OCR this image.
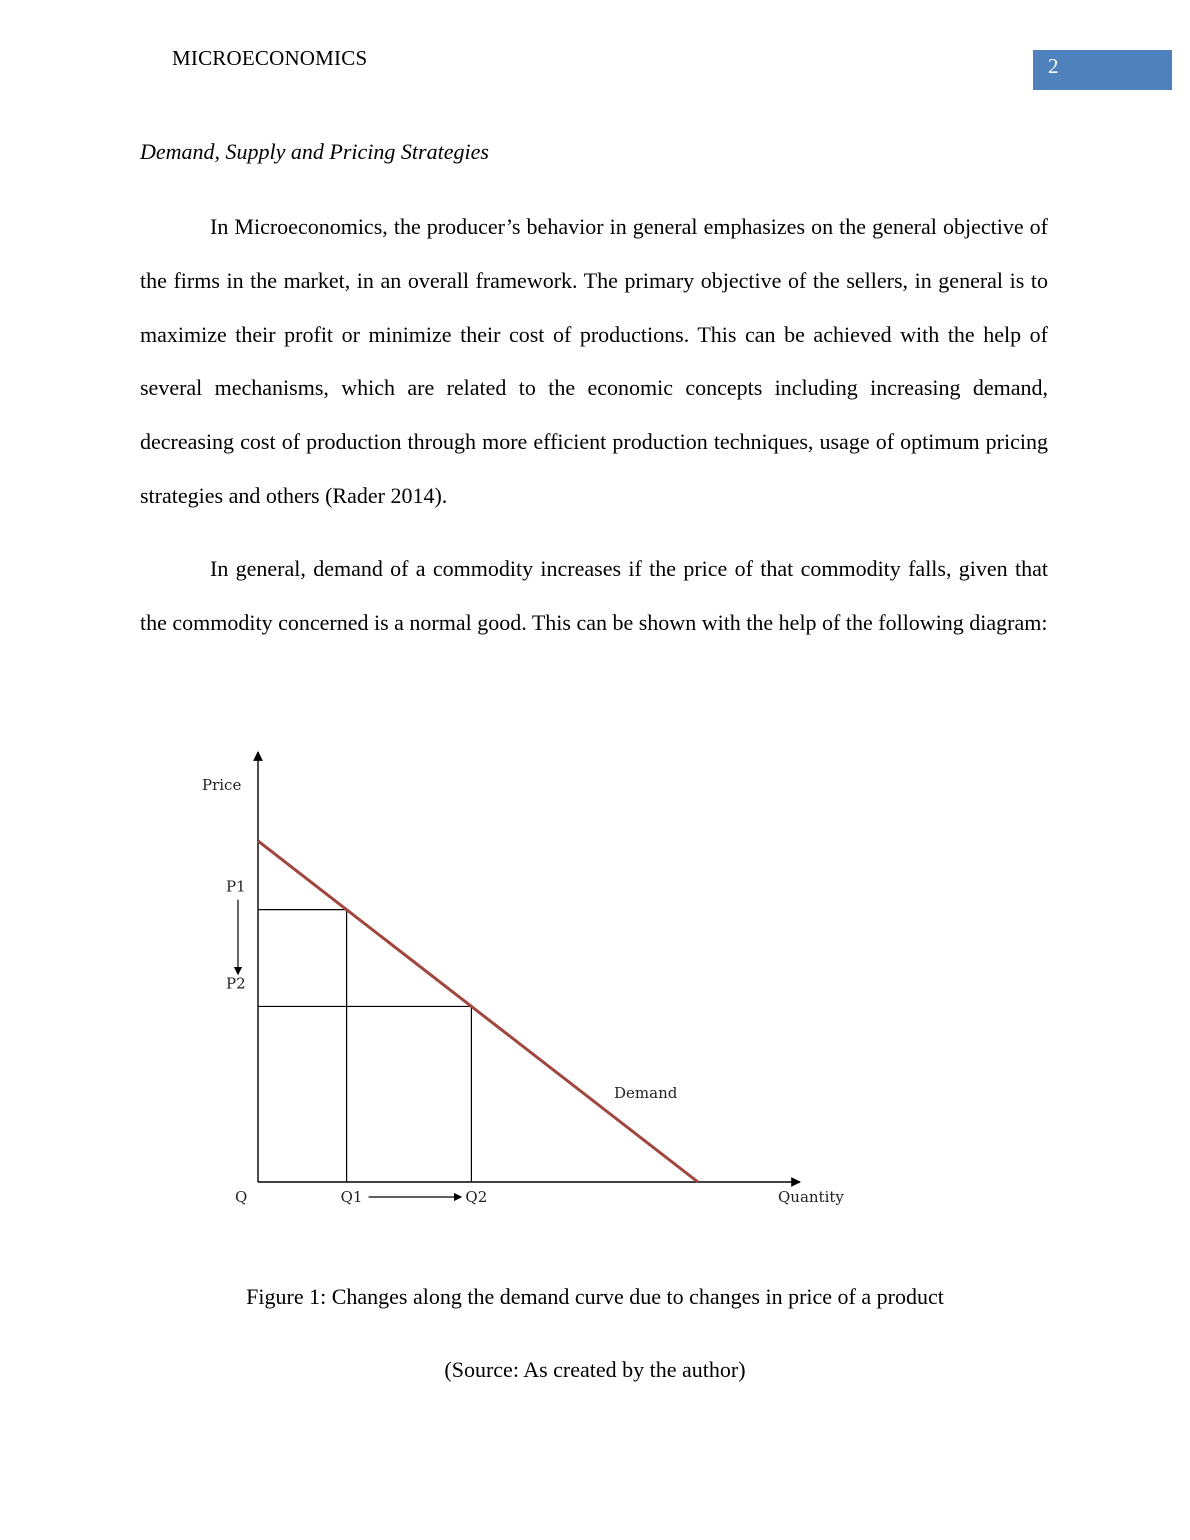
MICROECONOMICS	2
Demand, Supply and Pricing Strategies

In Microeconomics, the producer’s behavior in general emphasizes on the general objective of the firms in the market, in an overall framework. The primary objective of the sellers, in general is to maximize their profit or minimize their cost of productions. This can be achieved with the help of several mechanisms, which are related to the economic concepts including increasing demand, decreasing cost of production through more efficient production techniques, usage of optimum pricing strategies and others (Rader 2014).

In general, demand of a commodity increases if the price of that commodity falls, given that the commodity concerned is a normal good. This can be shown with the help of the following diagram:

Price
Quantity
Q
P1
Q1
P2
Q2
Demand
Figure 1: Changes along the demand curve due to changes in price of a product
(Source: As created by the author)
